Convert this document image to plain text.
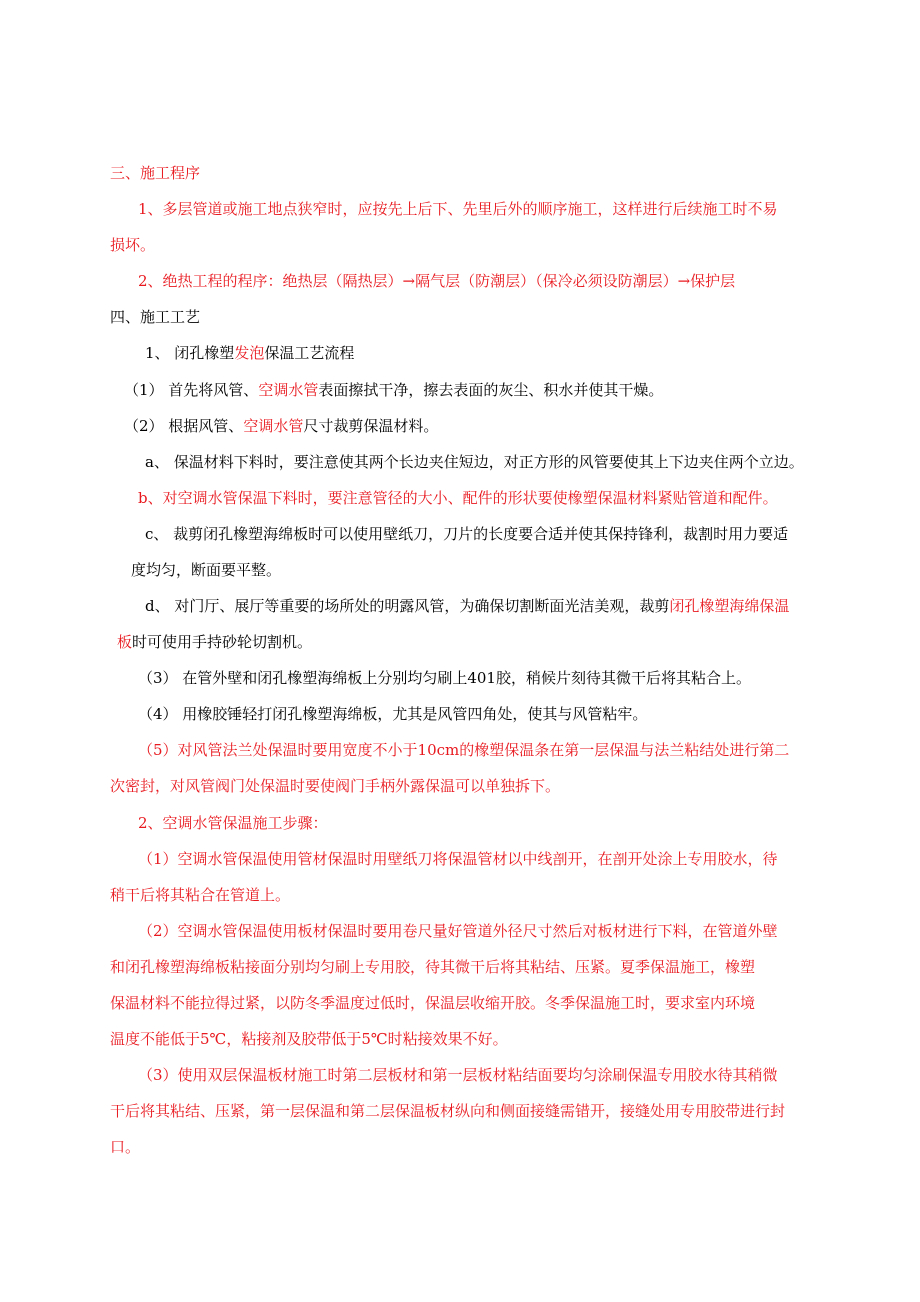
三、施工程序
1、多层管道或施工地点狭窄时，应按先上后下、先里后外的顺序施工，这样进行后续施工时不易
损坏。
2、绝热工程的程序：绝热层（隔热层）→隔气层（防潮层）（保冷必须设防潮层）→保护层
四、施工工艺
1、 闭孔橡塑发泡保温工艺流程
（1） 首先将风管、空调水管表面擦拭干净，擦去表面的灰尘、积水并使其干燥。
（2） 根据风管、空调水管尺寸裁剪保温材料。
a、 保温材料下料时，要注意使其两个长边夹住短边，对正方形的风管要使其上下边夹住两个立边。
b、对空调水管保温下料时，要注意管径的大小、配件的形状要使橡塑保温材料紧贴管道和配件。
c、 裁剪闭孔橡塑海绵板时可以使用壁纸刀，刀片的长度要合适并使其保持锋利，裁割时用力要适
度均匀，断面要平整。
d、 对门厅、展厅等重要的场所处的明露风管，为确保切割断面光洁美观，裁剪闭孔橡塑海绵保温
板时可使用手持砂轮切割机。
（3） 在管外壁和闭孔橡塑海绵板上分别均匀刷上401胶，稍候片刻待其微干后将其粘合上。
（4） 用橡胶锤轻打闭孔橡塑海绵板，尤其是风管四角处，使其与风管粘牢。
（5）对风管法兰处保温时要用宽度不小于10cm的橡塑保温条在第一层保温与法兰粘结处进行第二
次密封，对风管阀门处保温时要使阀门手柄外露保温可以单独拆下。
2、空调水管保温施工步骤：
（1）空调水管保温使用管材保温时用壁纸刀将保温管材以中线剖开，在剖开处涂上专用胶水，待
稍干后将其粘合在管道上。
（2）空调水管保温使用板材保温时要用卷尺量好管道外径尺寸然后对板材进行下料，在管道外壁
和闭孔橡塑海绵板粘接面分别均匀刷上专用胶，待其微干后将其粘结、压紧。夏季保温施工，橡塑
保温材料不能拉得过紧，以防冬季温度过低时，保温层收缩开胶。冬季保温施工时，要求室内环境
温度不能低于5℃，粘接剂及胶带低于5℃时粘接效果不好。
（3）使用双层保温板材施工时第二层板材和第一层板材粘结面要均匀涂刷保温专用胶水待其稍微
干后将其粘结、压紧，第一层保温和第二层保温板材纵向和侧面接缝需错开，接缝处用专用胶带进行封
口。
